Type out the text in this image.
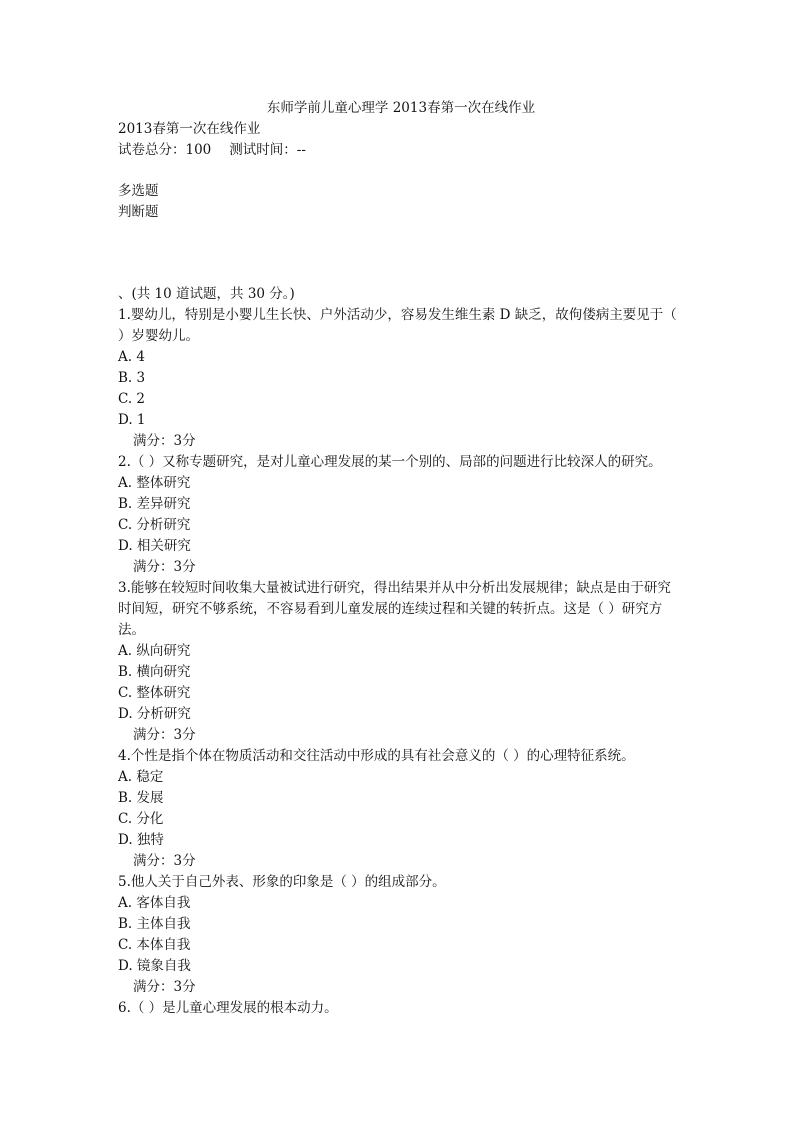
东师学前儿童心理学 2013春第一次在线作业
2013春第一次在线作业
试卷总分：100 测试时间：--
多选题
判断题
、(共 10 道试题，共 30 分。)
1.婴幼儿，特别是小婴儿生长快、户外活动少，容易发生维生素 D 缺乏，故佝偻病主要见于（ ）岁婴幼儿。
A. 4
B. 3
C. 2
D. 1
满分：3分
2.（ ）又称专题研究，是对儿童心理发展的某一个别的、局部的问题进行比较深人的研究。
A. 整体研究
B. 差异研究
C. 分析研究
D. 相关研究
满分：3分
3.能够在较短时间收集大量被试进行研究，得出结果并从中分析出发展规律；缺点是由于研究时间短，研究不够系统，不容易看到儿童发展的连续过程和关键的转折点。这是（ ）研究方法。
A. 纵向研究
B. 横向研究
C. 整体研究
D. 分析研究
满分：3分
4.个性是指个体在物质活动和交往活动中形成的具有社会意义的（ ）的心理特征系统。
A. 稳定
B. 发展
C. 分化
D. 独特
满分：3分
5.他人关于自己外表、形象的印象是（ ）的组成部分。
A. 客体自我
B. 主体自我
C. 本体自我
D. 镜象自我
满分：3分
6.（ ）是儿童心理发展的根本动力。
